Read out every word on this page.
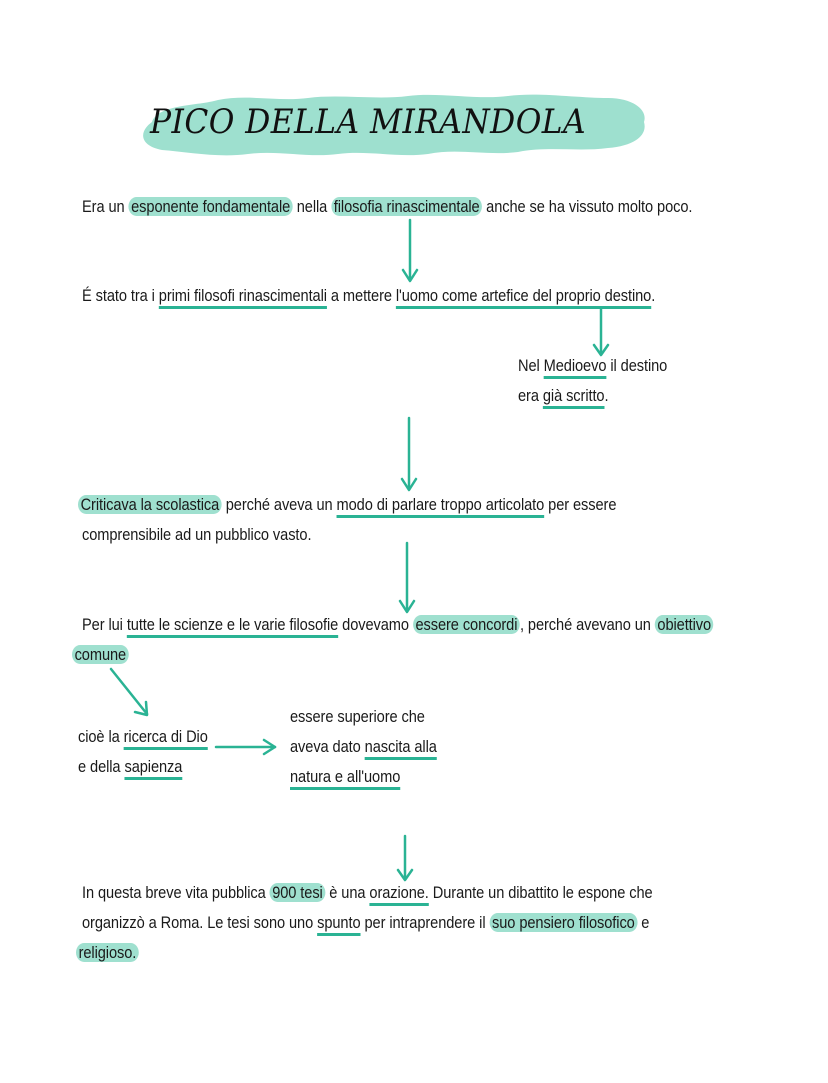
PICO DELLA MIRANDOLA
Era un esponente fondamentale nella filosofia rinascimentale anche se ha vissuto molto poco.
É stato tra i primi filosofi rinascimentali a mettere l'uomo come artefice del proprio destino.
Nel Medioevo il destino
era già scritto.
Criticava la scolastica perché aveva un modo di parlare troppo articolato per essere
comprensibile ad un pubblico vasto.
Per lui tutte le scienze e le varie filosofie dovevamo essere concordi , perché avevano un obiettivo
comune
cioè la ricerca di Dio
e della sapienza
essere superiore che
aveva dato nascita alla
natura e all'uomo
In questa breve vita pubblica 900 tesi è una orazione. Durante un dibattito le espone che
organizzò a Roma. Le tesi sono uno spunto per intraprendere il suo pensiero filosofico e
religioso.
